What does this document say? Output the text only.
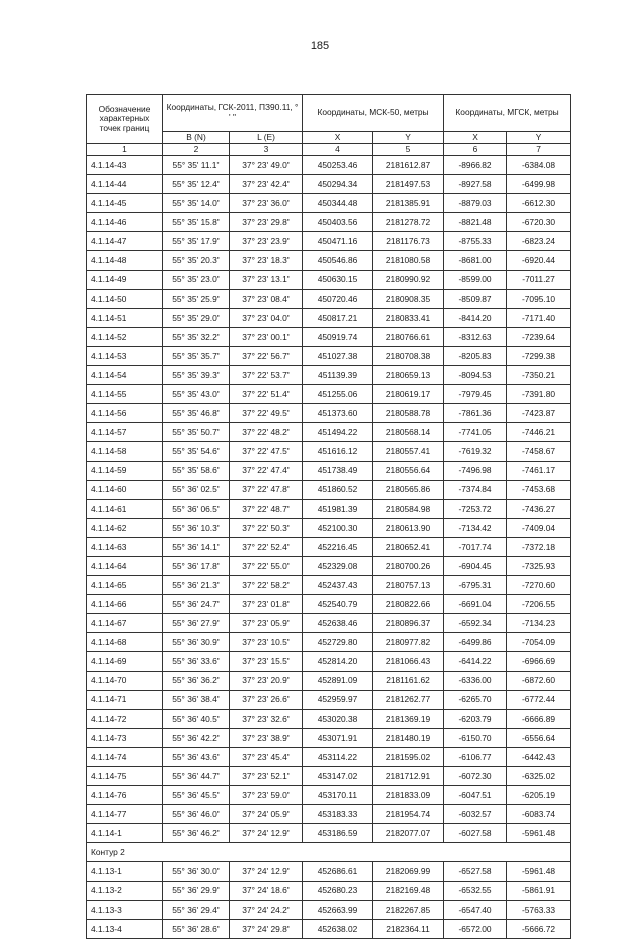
185
Обозначение характерных точек границ	Координаты, ГСК-2011, ПЗ90.11, ° ' "		Координаты, МСК-50, метры		Координаты, МГСК, метры	
	B (N)	L (E)	X	Y	X	Y
1	2	3	4	5	6	7
4.1.14-43	55° 35' 11.1"	37° 23' 49.0"	450253.46	2181612.87	-8966.82	-6384.08
4.1.14-44	55° 35' 12.4"	37° 23' 42.4"	450294.34	2181497.53	-8927.58	-6499.98
4.1.14-45	55° 35' 14.0"	37° 23' 36.0"	450344.48	2181385.91	-8879.03	-6612.30
4.1.14-46	55° 35' 15.8"	37° 23' 29.8"	450403.56	2181278.72	-8821.48	-6720.30
4.1.14-47	55° 35' 17.9"	37° 23' 23.9"	450471.16	2181176.73	-8755.33	-6823.24
4.1.14-48	55° 35' 20.3"	37° 23' 18.3"	450546.86	2181080.58	-8681.00	-6920.44
4.1.14-49	55° 35' 23.0"	37° 23' 13.1"	450630.15	2180990.92	-8599.00	-7011.27
4.1.14-50	55° 35' 25.9"	37° 23' 08.4"	450720.46	2180908.35	-8509.87	-7095.10
4.1.14-51	55° 35' 29.0"	37° 23' 04.0"	450817.21	2180833.41	-8414.20	-7171.40
4.1.14-52	55° 35' 32.2"	37° 23' 00.1"	450919.74	2180766.61	-8312.63	-7239.64
4.1.14-53	55° 35' 35.7"	37° 22' 56.7"	451027.38	2180708.38	-8205.83	-7299.38
4.1.14-54	55° 35' 39.3"	37° 22' 53.7"	451139.39	2180659.13	-8094.53	-7350.21
4.1.14-55	55° 35' 43.0"	37° 22' 51.4"	451255.06	2180619.17	-7979.45	-7391.80
4.1.14-56	55° 35' 46.8"	37° 22' 49.5"	451373.60	2180588.78	-7861.36	-7423.87
4.1.14-57	55° 35' 50.7"	37° 22' 48.2"	451494.22	2180568.14	-7741.05	-7446.21
4.1.14-58	55° 35' 54.6"	37° 22' 47.5"	451616.12	2180557.41	-7619.32	-7458.67
4.1.14-59	55° 35' 58.6"	37° 22' 47.4"	451738.49	2180556.64	-7496.98	-7461.17
4.1.14-60	55° 36' 02.5"	37° 22' 47.8"	451860.52	2180565.86	-7374.84	-7453.68
4.1.14-61	55° 36' 06.5"	37° 22' 48.7"	451981.39	2180584.98	-7253.72	-7436.27
4.1.14-62	55° 36' 10.3"	37° 22' 50.3"	452100.30	2180613.90	-7134.42	-7409.04
4.1.14-63	55° 36' 14.1"	37° 22' 52.4"	452216.45	2180652.41	-7017.74	-7372.18
4.1.14-64	55° 36' 17.8"	37° 22' 55.0"	452329.08	2180700.26	-6904.45	-7325.93
4.1.14-65	55° 36' 21.3"	37° 22' 58.2"	452437.43	2180757.13	-6795.31	-7270.60
4.1.14-66	55° 36' 24.7"	37° 23' 01.8"	452540.79	2180822.66	-6691.04	-7206.55
4.1.14-67	55° 36' 27.9"	37° 23' 05.9"	452638.46	2180896.37	-6592.34	-7134.23
4.1.14-68	55° 36' 30.9"	37° 23' 10.5"	452729.80	2180977.82	-6499.86	-7054.09
4.1.14-69	55° 36' 33.6"	37° 23' 15.5"	452814.20	2181066.43	-6414.22	-6966.69
4.1.14-70	55° 36' 36.2"	37° 23' 20.9"	452891.09	2181161.62	-6336.00	-6872.60
4.1.14-71	55° 36' 38.4"	37° 23' 26.6"	452959.97	2181262.77	-6265.70	-6772.44
4.1.14-72	55° 36' 40.5"	37° 23' 32.6"	453020.38	2181369.19	-6203.79	-6666.89
4.1.14-73	55° 36' 42.2"	37° 23' 38.9"	453071.91	2181480.19	-6150.70	-6556.64
4.1.14-74	55° 36' 43.6"	37° 23' 45.4"	453114.22	2181595.02	-6106.77	-6442.43
4.1.14-75	55° 36' 44.7"	37° 23' 52.1"	453147.02	2181712.91	-6072.30	-6325.02
4.1.14-76	55° 36' 45.5"	37° 23' 59.0"	453170.11	2181833.09	-6047.51	-6205.19
4.1.14-77	55° 36' 46.0"	37° 24' 05.9"	453183.33	2181954.74	-6032.57	-6083.74
4.1.14-1	55° 36' 46.2"	37° 24' 12.9"	453186.59	2182077.07	-6027.58	-5961.48
Контур 2						
4.1.13-1	55° 36' 30.0"	37° 24' 12.9"	452686.61	2182069.99	-6527.58	-5961.48
4.1.13-2	55° 36' 29.9"	37° 24' 18.6"	452680.23	2182169.48	-6532.55	-5861.91
4.1.13-3	55° 36' 29.4"	37° 24' 24.2"	452663.99	2182267.85	-6547.40	-5763.33
4.1.13-4	55° 36' 28.6"	37° 24' 29.8"	452638.02	2182364.11	-6572.00	-5666.72
